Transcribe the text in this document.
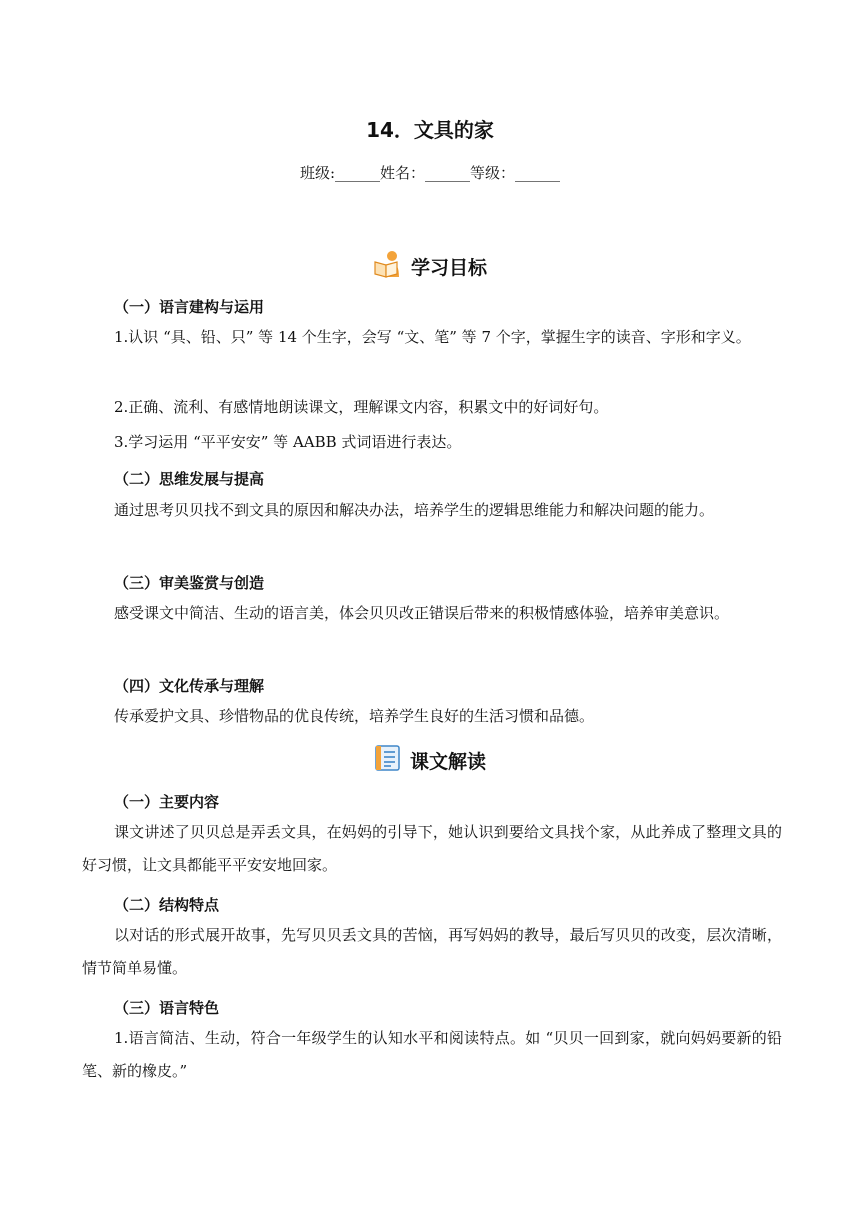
14．文具的家
班级:______姓名：______等级：______
学习目标
（一）语言建构与运用
1.认识 “具、铅、只” 等 14 个生字，会写 “文、笔” 等 7 个字，掌握生字的读音、字形和字义。
2.正确、流利、有感情地朗读课文，理解课文内容，积累文中的好词好句。
3.学习运用 “平平安安” 等 AABB 式词语进行表达。
（二）思维发展与提高
通过思考贝贝找不到文具的原因和解决办法，培养学生的逻辑思维能力和解决问题的能力。
（三）审美鉴赏与创造
感受课文中简洁、生动的语言美，体会贝贝改正错误后带来的积极情感体验，培养审美意识。
（四）文化传承与理解
传承爱护文具、珍惜物品的优良传统，培养学生良好的生活习惯和品德。
课文解读
（一）主要内容
课文讲述了贝贝总是弄丢文具，在妈妈的引导下，她认识到要给文具找个家，从此养成了整理文具的好习惯，让文具都能平平安安地回家。
（二）结构特点
以对话的形式展开故事，先写贝贝丢文具的苦恼，再写妈妈的教导，最后写贝贝的改变，层次清晰，情节简单易懂。
（三）语言特色
1.语言简洁、生动，符合一年级学生的认知水平和阅读特点。如 “贝贝一回到家，就向妈妈要新的铅笔、新的橡皮。”
